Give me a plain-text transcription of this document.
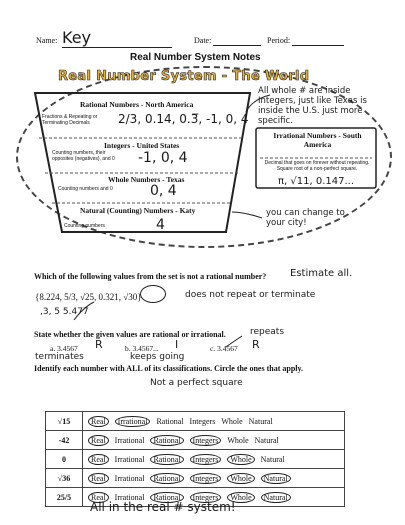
Name: Key	Date:	Period:
Real Number System Notes
Real Number System - The World
Rational Numbers - North America
Fractions & Repeating or Terminating Decimals	2/3, 0.14, 0.3̅, -1, 0, 4
Integers - United States
Counting numbers, their opposites (negatives), and 0 -1, 0, 4
Whole Numbers - Texas
Counting numbers and 0	0, 4
Natural (Counting) Numbers - Katy
Counting numbers	4
Irrational Numbers - South America
Decimal that goes on forever without repeating. Square root of a non-perfect square.
π, √11, 0.147...
All whole # are inside Integers, just like Texas is inside the U.S. just more specific.
you can change to your city!
Which of the following values from the set is not a rational number? Estimate all.
{8.224, 5/3, √25, 0.321, √30}
,3, 5 5.477
does not repeat or terminate
State whether the given values are rational or irrational.	repeats
a. 3.4567 R	b. 3.4567... I	c. 3.4567 R
terminates	keeps going
Identify each number with ALL of its classifications. Circle the ones that apply.
Not a perfect square
√15	Real Irrational Rational Integers Whole Natural
-42	Real Irrational Rational Integers Whole Natural
0	Real Irrational Rational Integers Whole Natural
√36	Real Irrational Rational Integers Whole Natural
25/5	Real Irrational Rational Integers Whole Natural
All in the real # system!
